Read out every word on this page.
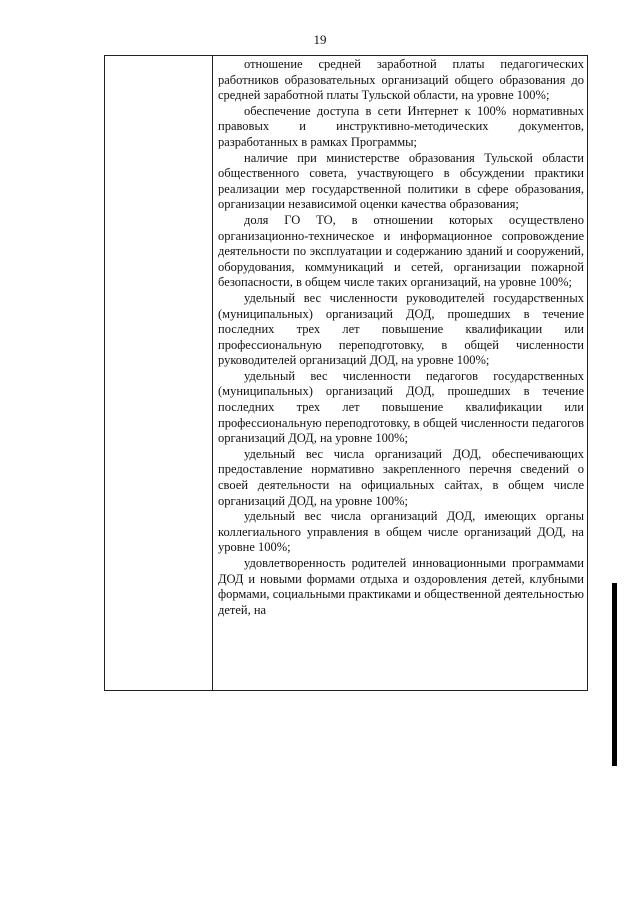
19

отношение средней заработной платы педагогических работников образовательных организаций общего образования до средней заработной платы Тульской области, на уровне 100%;

обеспечение доступа в сети Интернет к 100% нормативных правовых и инструктивно-методических документов, разработанных в рамках Программы;

наличие при министерстве образования Тульской области общественного совета, участвующего в обсуждении практики реализации мер государственной политики в сфере образования, организации независимой оценки качества образования;

доля ГО ТО, в отношении которых осуществлено организационно-техническое и информационное сопровождение деятельности по эксплуатации и содержанию зданий и сооружений, оборудования, коммуникаций и сетей, организации пожарной безопасности, в общем числе таких организаций, на уровне 100%;

удельный вес численности руководителей государственных (муниципальных) организаций ДОД, прошедших в течение последних трех лет повышение квалификации или профессиональную переподготовку, в общей численности руководителей организаций ДОД, на уровне 100%;

удельный вес численности педагогов государственных (муниципальных) организаций ДОД, прошедших в течение последних трех лет повышение квалификации или профессиональную переподготовку, в общей численности педагогов организаций ДОД, на уровне 100%;

удельный вес числа организаций ДОД, обеспечивающих предоставление нормативно закрепленного перечня сведений о своей деятельности на официальных сайтах, в общем числе организаций ДОД, на уровне 100%;

удельный вес числа организаций ДОД, имеющих органы коллегиального управления в общем числе организаций ДОД, на уровне 100%;

удовлетворенность родителей инновационными программами ДОД и новыми формами отдыха и оздоровления детей, клубными формами, социальными практиками и общественной деятельностью детей, на
